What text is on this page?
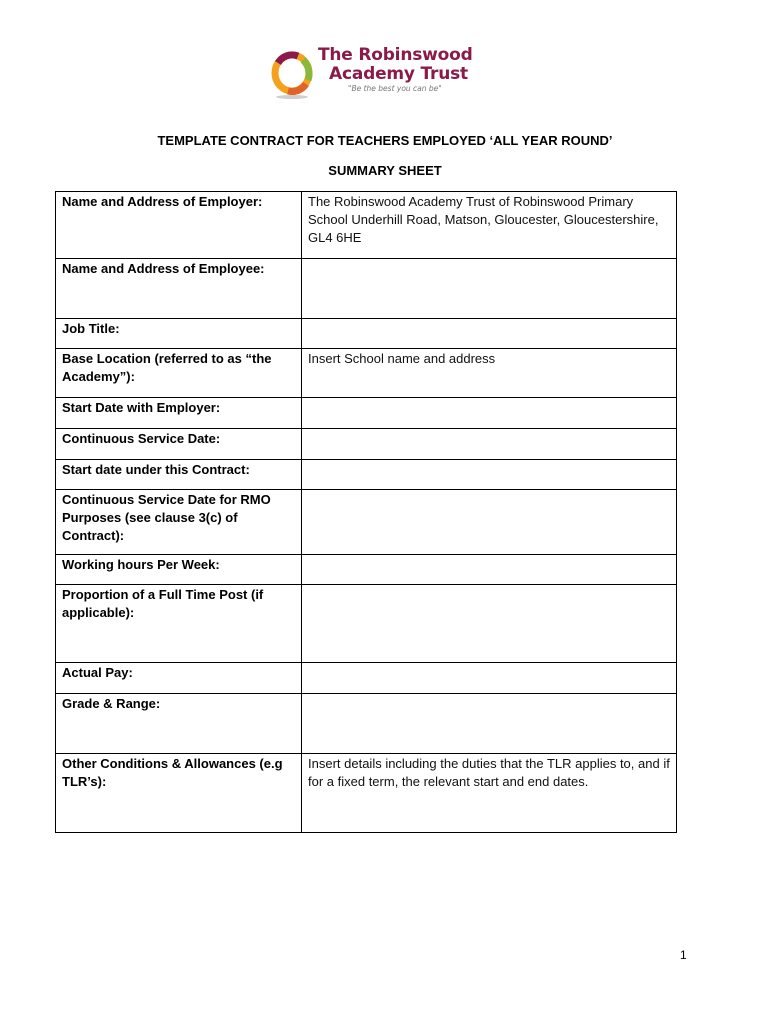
The Robinswood
Academy Trust
"Be the best you can be"
TEMPLATE CONTRACT FOR TEACHERS EMPLOYED ‘ALL YEAR ROUND’
SUMMARY SHEET
Name and Address of Employer:	The Robinswood Academy Trust of Robinswood Primary School Underhill Road, Matson, Gloucester, Gloucestershire, GL4 6HE
Name and Address of Employee:	
Job Title:	
Base Location (referred to as “the Academy”):	Insert School name and address
Start Date with Employer:	
Continuous Service Date:	
Start date under this Contract:	
Continuous Service Date for RMO Purposes (see clause 3(c) of Contract):	
Working hours Per Week:	
Proportion of a Full Time Post (if applicable):	
Actual Pay:	
Grade & Range:	
Other Conditions & Allowances (e.g TLR’s):	Insert details including the duties that the TLR applies to, and if for a fixed term, the relevant start and end dates.
1
